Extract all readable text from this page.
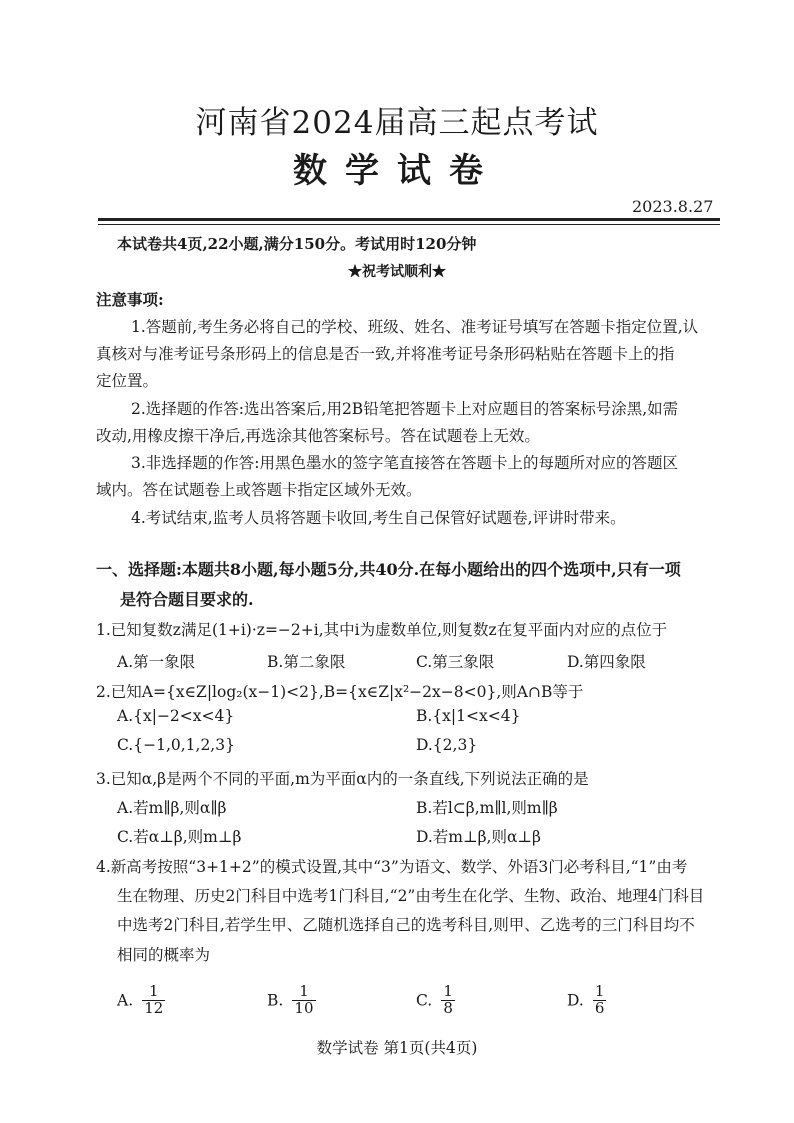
河南省2024届高三起点考试
数学试卷
2023.8.27
本试卷共4页,22小题,满分150分。考试用时120分钟
★祝考试顺利★
注意事项:
1.答题前,考生务必将自己的学校、班级、姓名、准考证号填写在答题卡指定位置,认
真核对与准考证号条形码上的信息是否一致,并将准考证号条形码粘贴在答题卡上的指
定位置。
2.选择题的作答:选出答案后,用2B铅笔把答题卡上对应题目的答案标号涂黑,如需
改动,用橡皮擦干净后,再选涂其他答案标号。答在试题卷上无效。
3.非选择题的作答:用黑色墨水的签字笔直接答在答题卡上的每题所对应的答题区
域内。答在试题卷上或答题卡指定区域外无效。
4.考试结束,监考人员将答题卡收回,考生自己保管好试题卷,评讲时带来。
一、选择题:本题共8小题,每小题5分,共40分.在每小题给出的四个选项中,只有一项
是符合题目要求的.
1.已知复数z满足(1+i)·z=−2+i,其中i为虚数单位,则复数z在复平面内对应的点位于
A.第一象限	B.第二象限	C.第三象限	D.第四象限
2.已知A={x∈Z|log₂(x−1)<2},B={x∈Z|x²−2x−8<0},则A∩B等于
A.{x|−2<x<4}	B.{x|1<x<4}
C.{−1,0,1,2,3}	D.{2,3}
3.已知α,β是两个不同的平面,m为平面α内的一条直线,下列说法正确的是
A.若m∥β,则α∥β	B.若l⊂β,m∥l,则m∥β
C.若α⊥β,则m⊥β	D.若m⊥β,则α⊥β
4.新高考按照“3+1+2”的模式设置,其中“3”为语文、数学、外语3门必考科目,“1”由考
生在物理、历史2门科目中选考1门科目,“2”由考生在化学、生物、政治、地理4门科目
中选考2门科目,若学生甲、乙随机选择自己的选考科目,则甲、乙选考的三门科目均不
相同的概率为
A. $\frac{1}{12}$	B. $\frac{1}{10}$	C. $\frac{1}{8}$	D. $\frac{1}{6}$
数学试卷 第1页(共4页)
